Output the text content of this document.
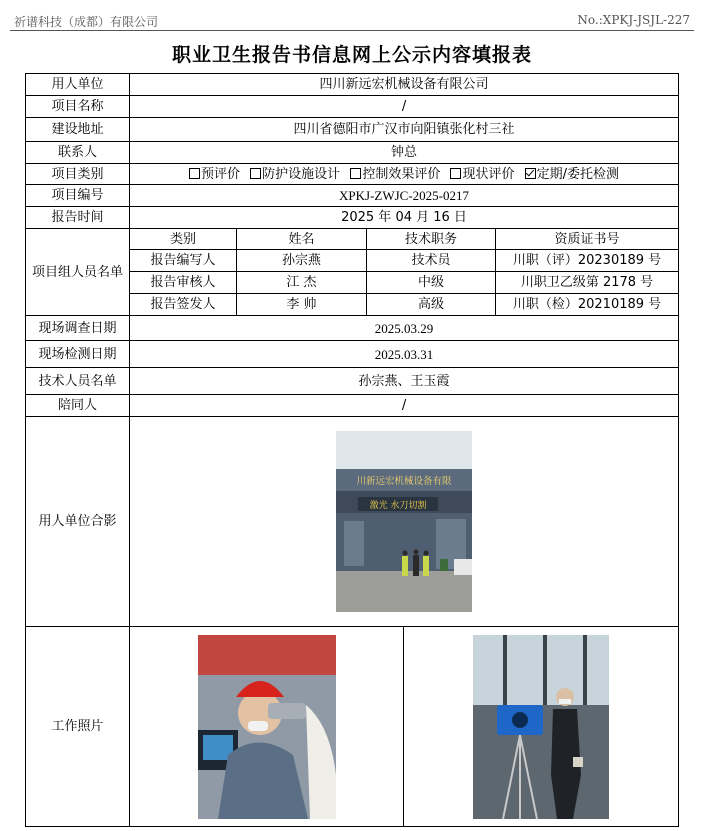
祈谱科技（成都）有限公司	No.:XPKJ-JSJL-227
职业卫生报告书信息网上公示内容填报表
用人单位	四川新远宏机械设备有限公司				
项目名称	/				
建设地址	四川省德阳市广汉市向阳镇张化村三社				
联系人	钟总				
项目类别	预评价 防护设施设计 控制效果评价 现状评价 定期/委托检测				
项目编号	XPKJ-ZWJC-2025-0217				
报告时间	2025 年 04 月 16 日				
项目组人员名单	类别	姓名	技术职务		资质证书号
	报告编写人	孙宗燕	技术员		川职（评）20230189 号
	报告审核人	江 杰	中级		川职卫乙级第 2178 号
	报告签发人	李 帅	高级		川职（检）20210189 号
现场调查日期	2025.03.29				
现场检测日期	2025.03.31				
技术人员名单	孙宗燕、王玉霞				
陪同人	/				
用人单位合影	川新远宏机械设备有限
激光 水刀切割				

工作照片	
